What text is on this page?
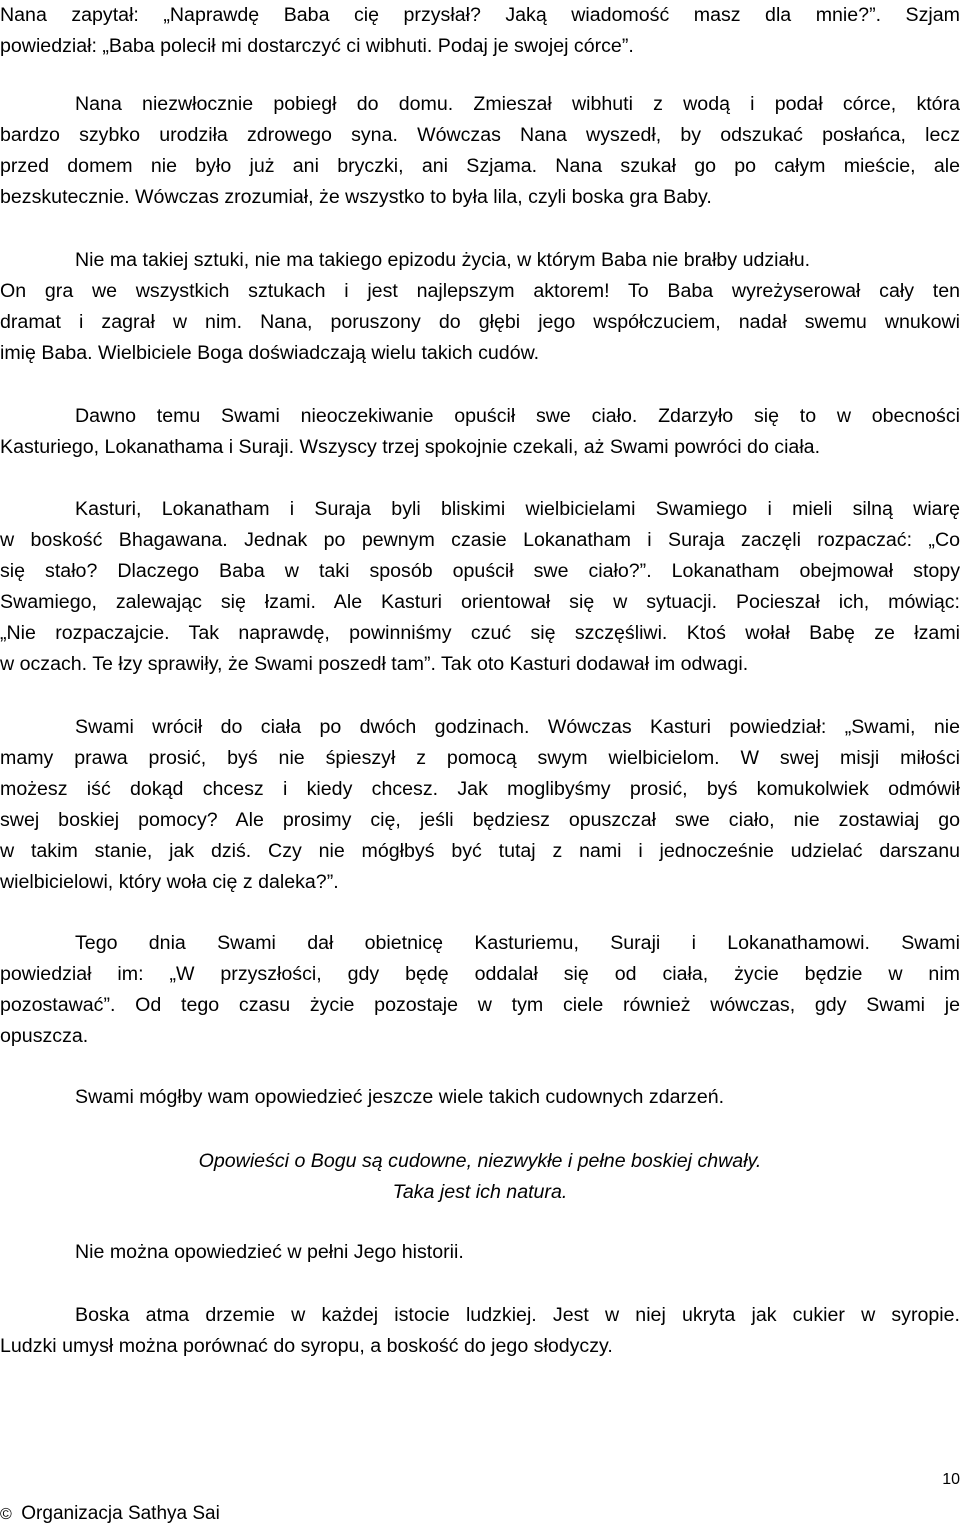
Nana zapytał: „Naprawdę Baba cię przysłał? Jaką wiadomość masz dla mnie?”. Szjam
powiedział: „Baba polecił mi dostarczyć ci wibhuti. Podaj je swojej córce”.
Nana niezwłocznie pobiegł do domu. Zmieszał wibhuti z wodą i podał córce, która
bardzo szybko urodziła zdrowego syna. Wówczas Nana wyszedł, by odszukać posłańca, lecz
przed domem nie było już ani bryczki, ani Szjama. Nana szukał go po całym mieście, ale
bezskutecznie. Wówczas zrozumiał, że wszystko to była lila, czyli boska gra Baby.
Nie ma takiej sztuki, nie ma takiego epizodu życia, w którym Baba nie brałby udziału.
On gra we wszystkich sztukach i jest najlepszym aktorem! To Baba wyreżyserował cały ten
dramat i zagrał w nim. Nana, poruszony do głębi jego współczuciem, nadał swemu wnukowi
imię Baba. Wielbiciele Boga doświadczają wielu takich cudów.
Dawno temu Swami nieoczekiwanie opuścił swe ciało. Zdarzyło się to w obecności
Kasturiego, Lokanathama i Suraji. Wszyscy trzej spokojnie czekali, aż Swami powróci do ciała.
Kasturi, Lokanatham i Suraja byli bliskimi wielbicielami Swamiego i mieli silną wiarę
w boskość Bhagawana. Jednak po pewnym czasie Lokanatham i Suraja zaczęli rozpaczać: „Co
się stało? Dlaczego Baba w taki sposób opuścił swe ciało?”. Lokanatham obejmował stopy
Swamiego, zalewając się łzami. Ale Kasturi orientował się w sytuacji. Pocieszał ich, mówiąc:
„Nie rozpaczajcie. Tak naprawdę, powinniśmy czuć się szczęśliwi. Ktoś wołał Babę ze łzami
w oczach. Te łzy sprawiły, że Swami poszedł tam”. Tak oto Kasturi dodawał im odwagi.
Swami wrócił do ciała po dwóch godzinach. Wówczas Kasturi powiedział: „Swami, nie
mamy prawa prosić, byś nie śpieszył z pomocą swym wielbicielom. W swej misji miłości
możesz iść dokąd chcesz i kiedy chcesz. Jak moglibyśmy prosić, byś komukolwiek odmówił
swej boskiej pomocy? Ale prosimy cię, jeśli będziesz opuszczał swe ciało, nie zostawiaj go
w takim stanie, jak dziś. Czy nie mógłbyś być tutaj z nami i jednocześnie udzielać darszanu
wielbicielowi, który woła cię z daleka?”.
Tego dnia Swami dał obietnicę Kasturiemu, Suraji i Lokanathamowi. Swami
powiedział im: „W przyszłości, gdy będę oddalał się od ciała, życie będzie w nim
pozostawać”. Od tego czasu życie pozostaje w tym ciele również wówczas, gdy Swami je
opuszcza.
Swami mógłby wam opowiedzieć jeszcze wiele takich cudownych zdarzeń.
Opowieści o Bogu są cudowne, niezwykłe i pełne boskiej chwały.
Taka jest ich natura.
Nie można opowiedzieć w pełni Jego historii.
Boska atma drzemie w każdej istocie ludzkiej. Jest w niej ukryta jak cukier w syropie.
Ludzki umysł można porównać do syropu, a boskość do jego słodyczy.
10
© Organizacja Sathya Sai
